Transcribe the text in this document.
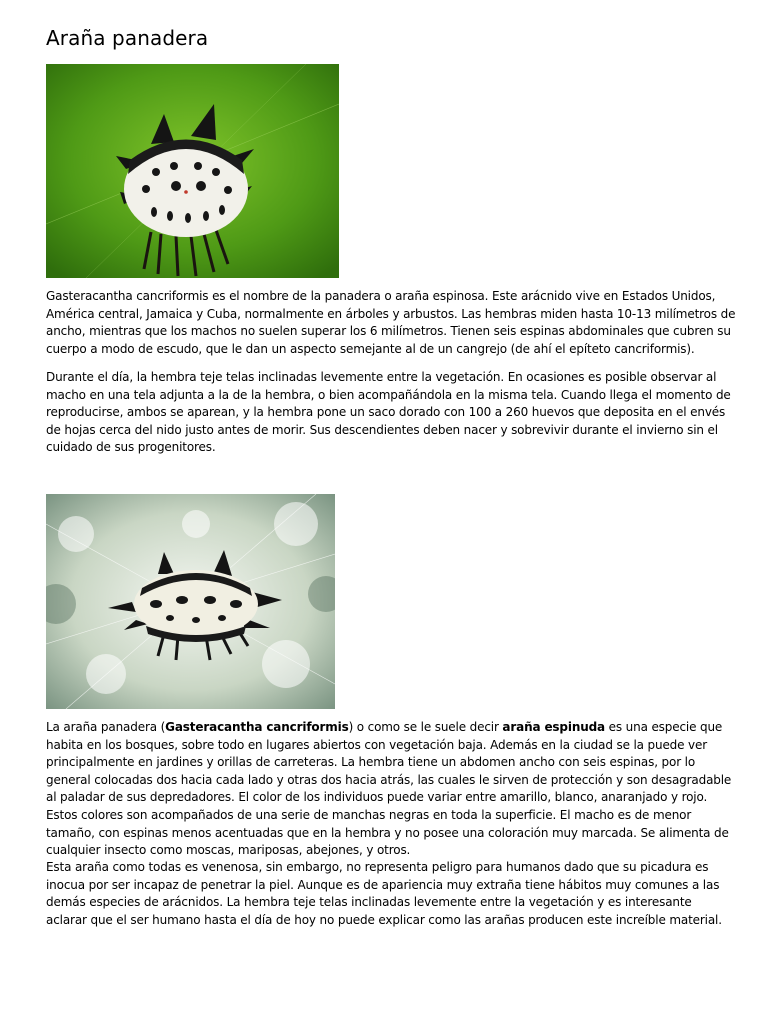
Araña panadera

Gasteracantha cancriformis es el nombre de la panadera o araña espinosa. Este arácnido vive en Estados Unidos, América central, Jamaica y Cuba, normalmente en árboles y arbustos. Las hembras miden hasta 10-13 milímetros de ancho, mientras que los machos no suelen superar los 6 milímetros. Tienen seis espinas abdominales que cubren su cuerpo a modo de escudo, que le dan un aspecto semejante al de un cangrejo (de ahí el epíteto cancriformis).

Durante el día, la hembra teje telas inclinadas levemente entre la vegetación. En ocasiones es posible observar al macho en una tela adjunta a la de la hembra, o bien acompañándola en la misma tela. Cuando llega el momento de reproducirse, ambos se aparean, y la hembra pone un saco dorado con 100 a 260 huevos que deposita en el envés de hojas cerca del nido justo antes de morir. Sus descendientes deben nacer y sobrevivir durante el invierno sin el cuidado de sus progenitores.

La araña panadera (Gasteracantha cancriformis) o como se le suele decir araña espinuda es una especie que habita en los bosques, sobre todo en lugares abiertos con vegetación baja. Además en la ciudad se la puede ver principalmente en jardines y orillas de carreteras. La hembra tiene un abdomen ancho con seis espinas, por lo general colocadas dos hacia cada lado y otras dos hacia atrás, las cuales le sirven de protección y son desagradable al paladar de sus depredadores. El color de los individuos puede variar entre amarillo, blanco, anaranjado y rojo. Estos colores son acompañados de una serie de manchas negras en toda la superficie. El macho es de menor tamaño, con espinas menos acentuadas que en la hembra y no posee una coloración muy marcada. Se alimenta de cualquier insecto como moscas, mariposas, abejones, y otros.

Esta araña como todas es venenosa, sin embargo, no representa peligro para humanos dado que su picadura es inocua por ser incapaz de penetrar la piel. Aunque es de apariencia muy extraña tiene hábitos muy comunes a las demás especies de arácnidos. La hembra teje telas inclinadas levemente entre la vegetación y es interesante aclarar que el ser humano hasta el día de hoy no puede explicar como las arañas producen este increíble material.
